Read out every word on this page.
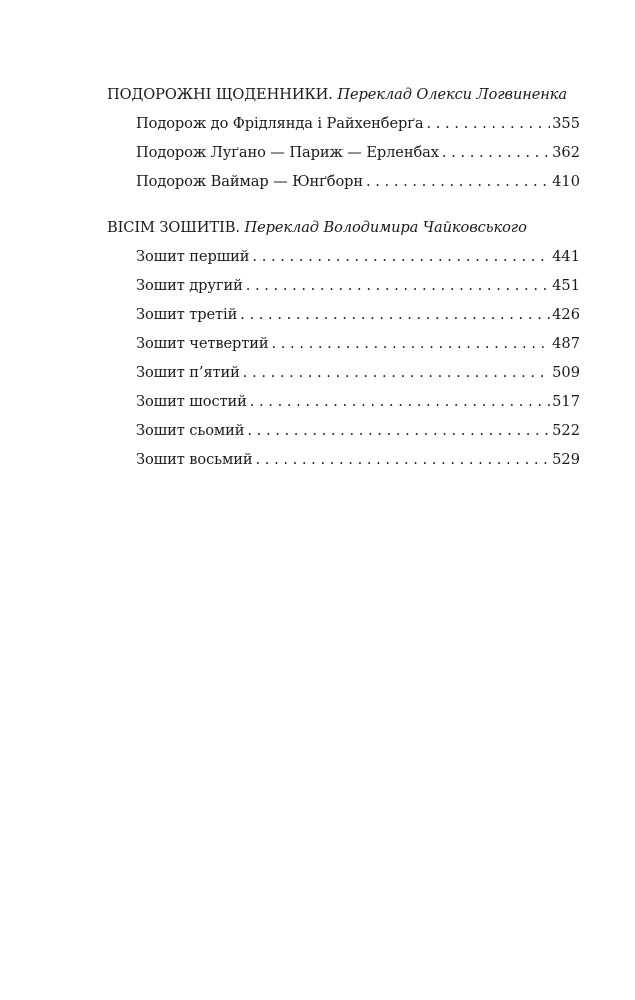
ПОДОРОЖНІ ЩОДЕННИКИ. Переклад Олекси Логвиненка
Подорож до Фрідлянда і Райхенберґа . . .	355
Подорож Луґано — Париж — Ерленбах . . .	362
Подорож Ваймар — Юнґборн . . .	410
ВІСІМ ЗОШИТІВ. Переклад Володимира Чайковського
Зошит перший . . .	441
Зошит другий . . .	451
Зошит третій . . .	426
Зошит четвертий . . .	487
Зошит п’ятий . . .	509
Зошит шостий . . .	517
Зошит сьомий . . .	522
Зошит восьмий . . .	529
